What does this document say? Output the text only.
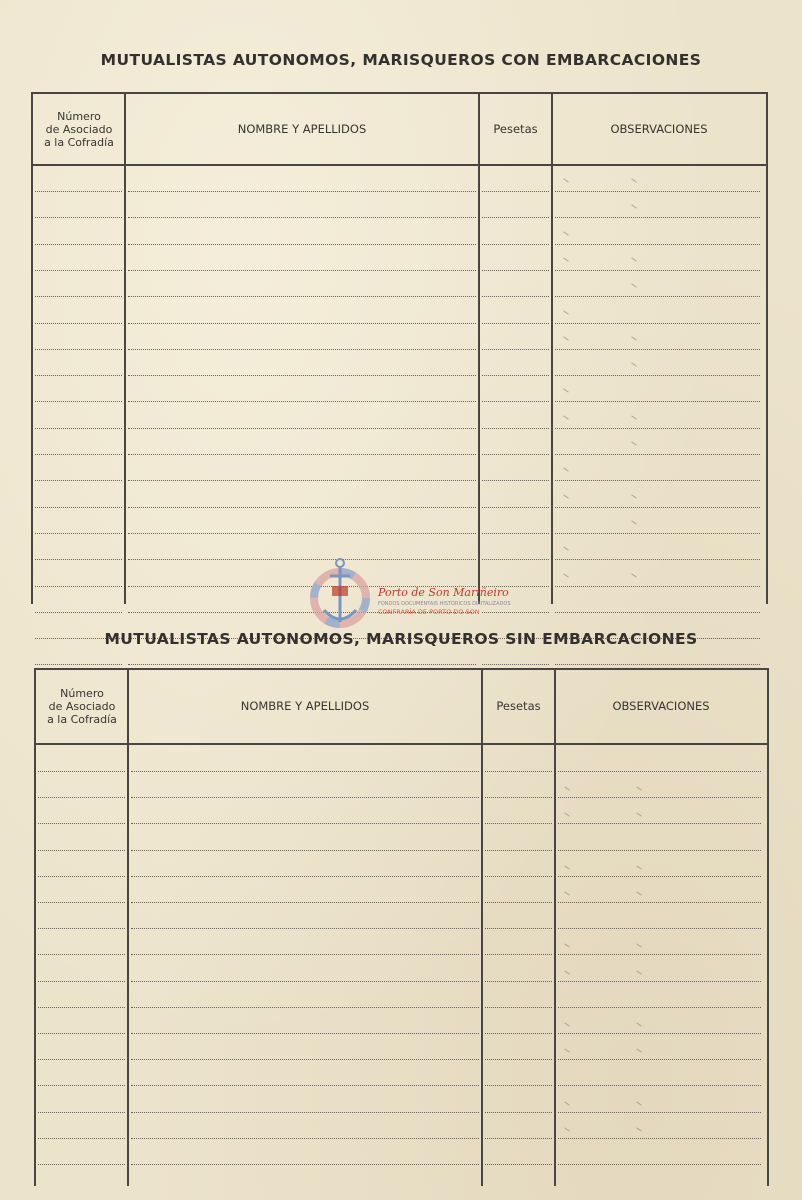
MUTUALISTAS AUTONOMOS, MARISQUEROS CON EMBARCACIONES
Número
de Asociado
a la Cofradía
NOMBRE Y APELLIDOS	Pesetas	OBSERVACIONES
Porto de Son Mariñeiro
FONDOS DOCUMENTAIS HISTÓRICOS DIXITALIZADOS
CONFRARÍA DE PORTO DO SON
MUTUALISTAS AUTONOMOS, MARISQUEROS SIN EMBARCACIONES
Número
de Asociado
a la Cofradía
NOMBRE Y APELLIDOS	Pesetas	OBSERVACIONES
